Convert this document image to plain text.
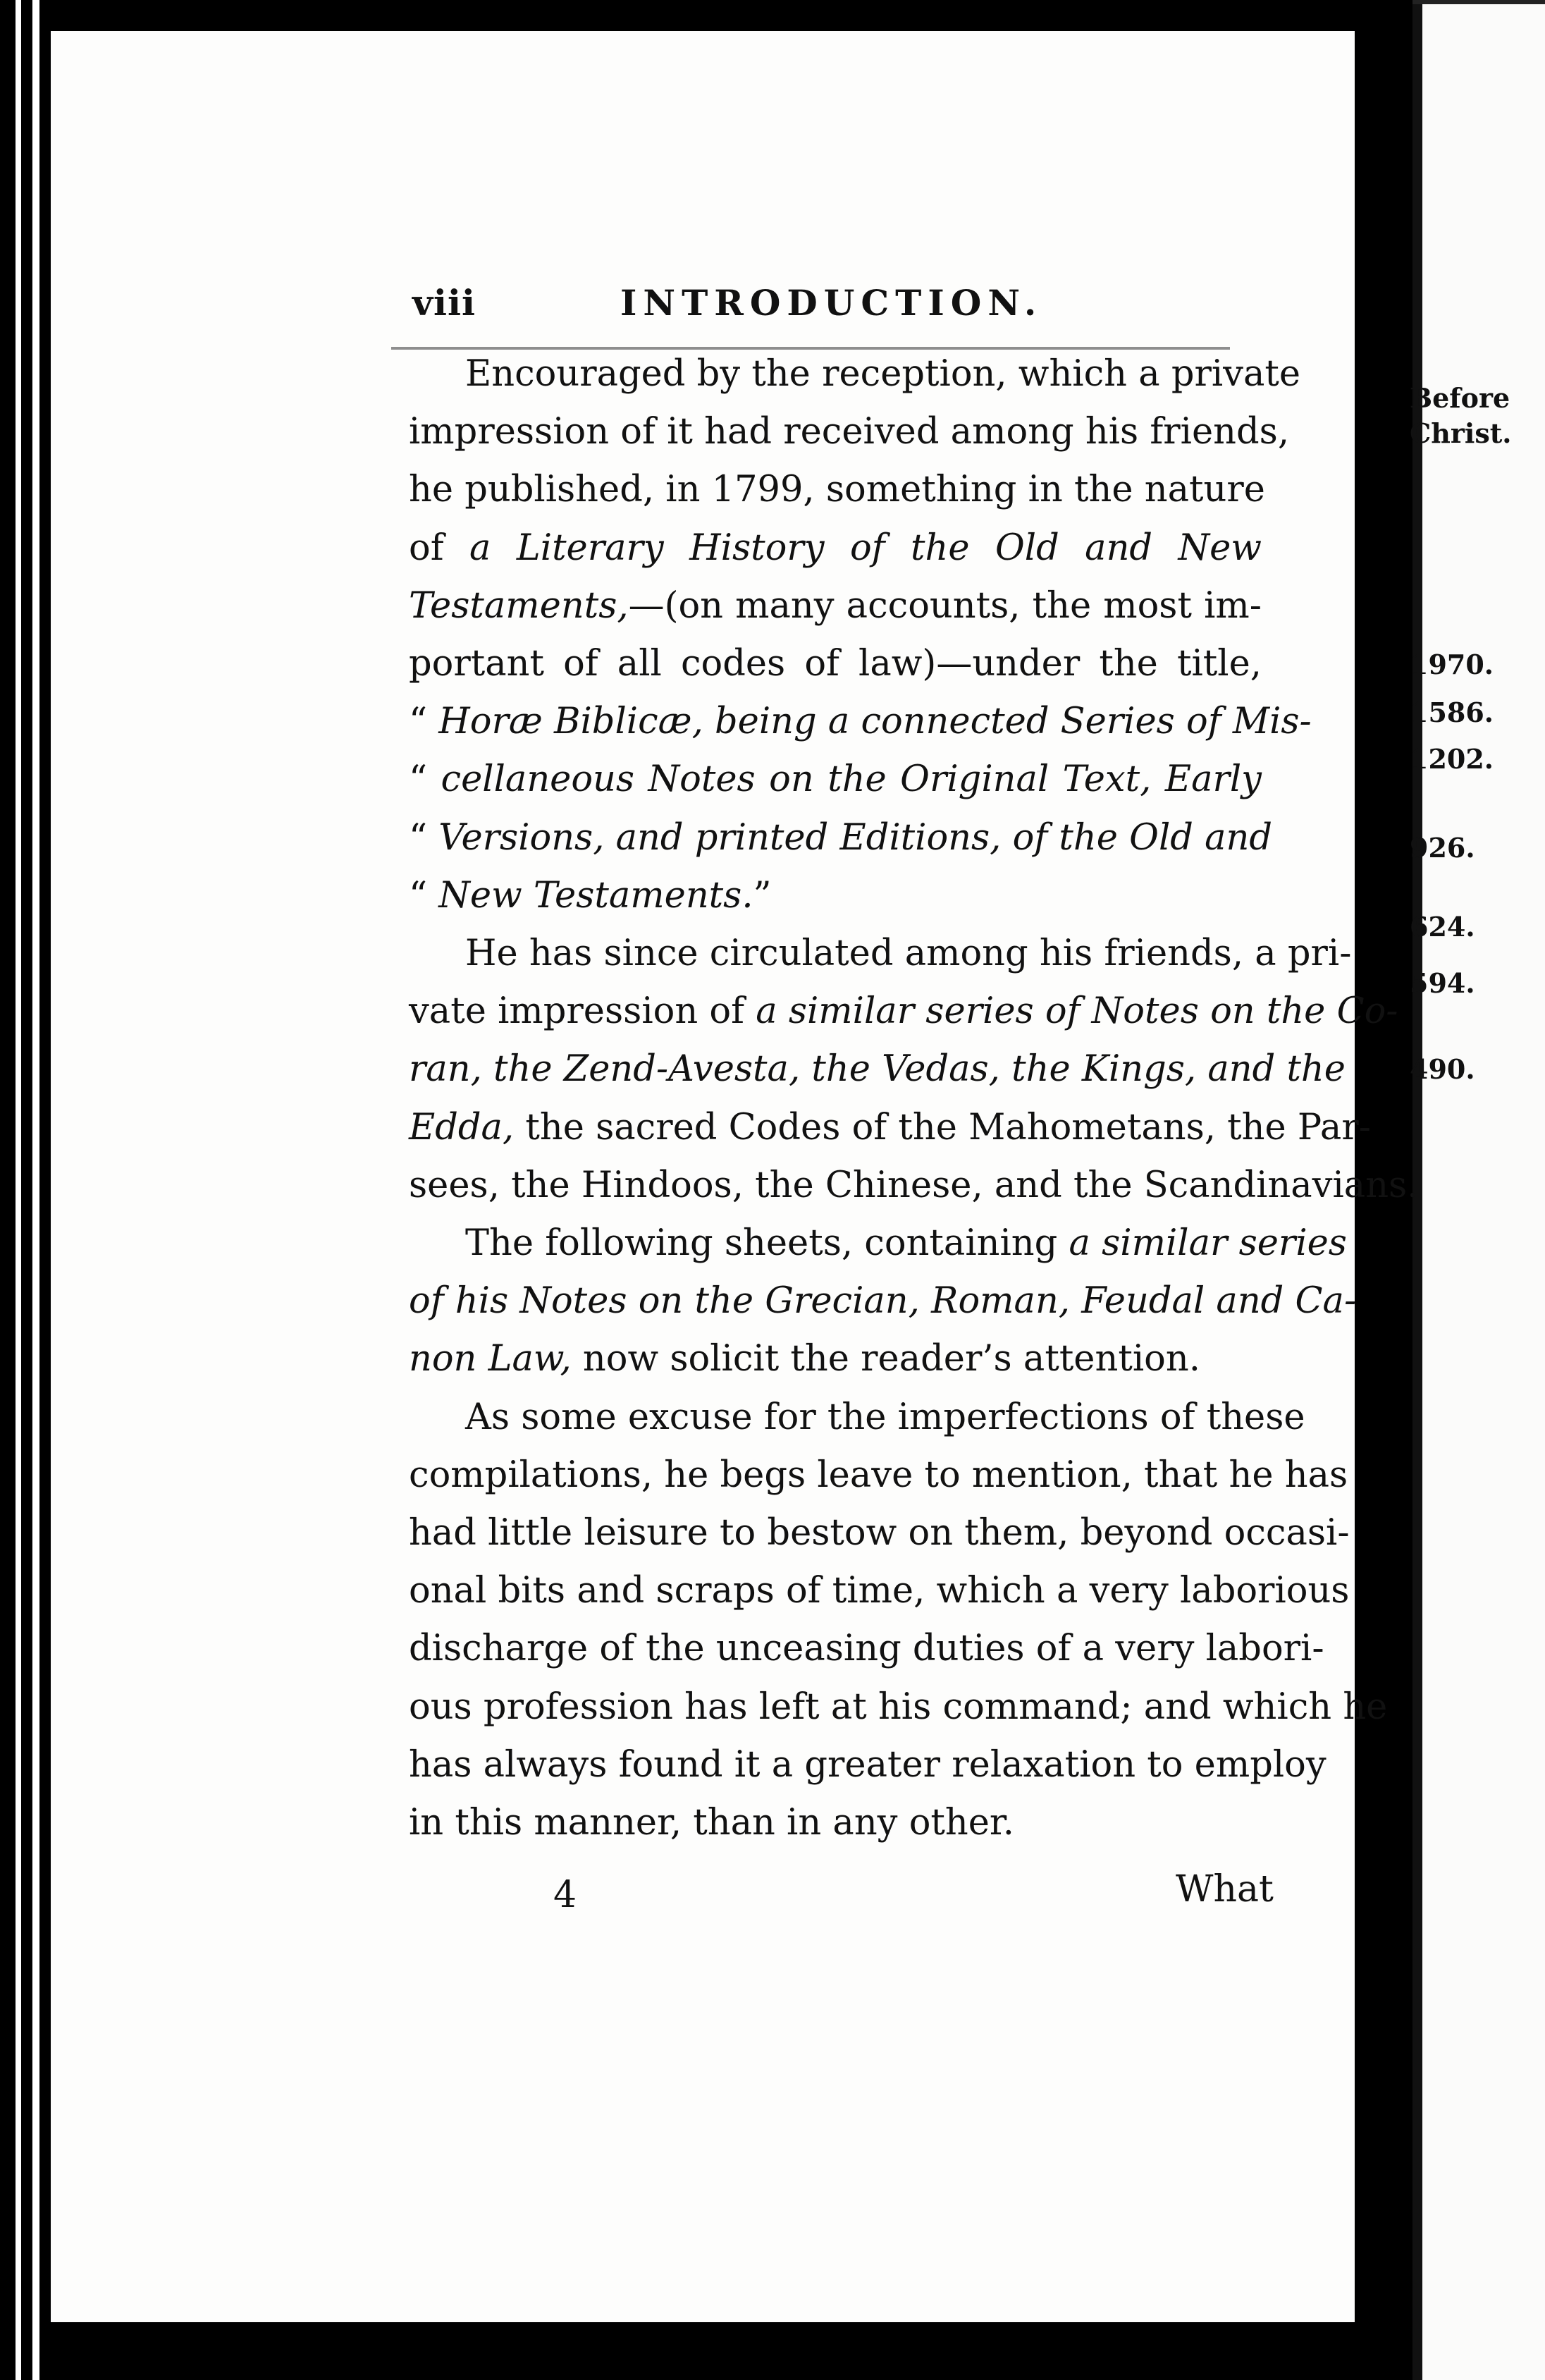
viii	INTRODUCTION.

Encouraged by the reception, which a private
impression of it had received among his friends,
he published, in 1799, something in the nature
of a Literary History of the Old and New
Testaments,—(on many accounts, the most im-
portant of all codes of law)—under the title,
“ Horæ Biblicæ, being a connected Series of Mis-
“ cellaneous Notes on the Original Text, Early
“ Versions, and printed Editions, of the Old and
“ New Testaments.”

He has since circulated among his friends, a pri-
vate impression of a similar series of Notes on the Co-
ran, the Zend-Avesta, the Vedas, the Kings, and the
Edda, the sacred Codes of the Mahometans, the Par-
sees, the Hindoos, the Chinese, and the Scandinavians.

The following sheets, containing a similar series
of his Notes on the Grecian, Roman, Feudal and Ca-
non Law, now solicit the reader’s attention.

As some excuse for the imperfections of these
compilations, he begs leave to mention, that he has
had little leisure to bestow on them, beyond occasi-
onal bits and scraps of time, which a very laborious
discharge of the unceasing duties of a very labori-
ous profession has left at his command; and which he
has always found it a greater relaxation to employ
in this manner, than in any other.

4	What
Before
Christ.
1970.
1586.
1202.
926.
624.
594.
490.
